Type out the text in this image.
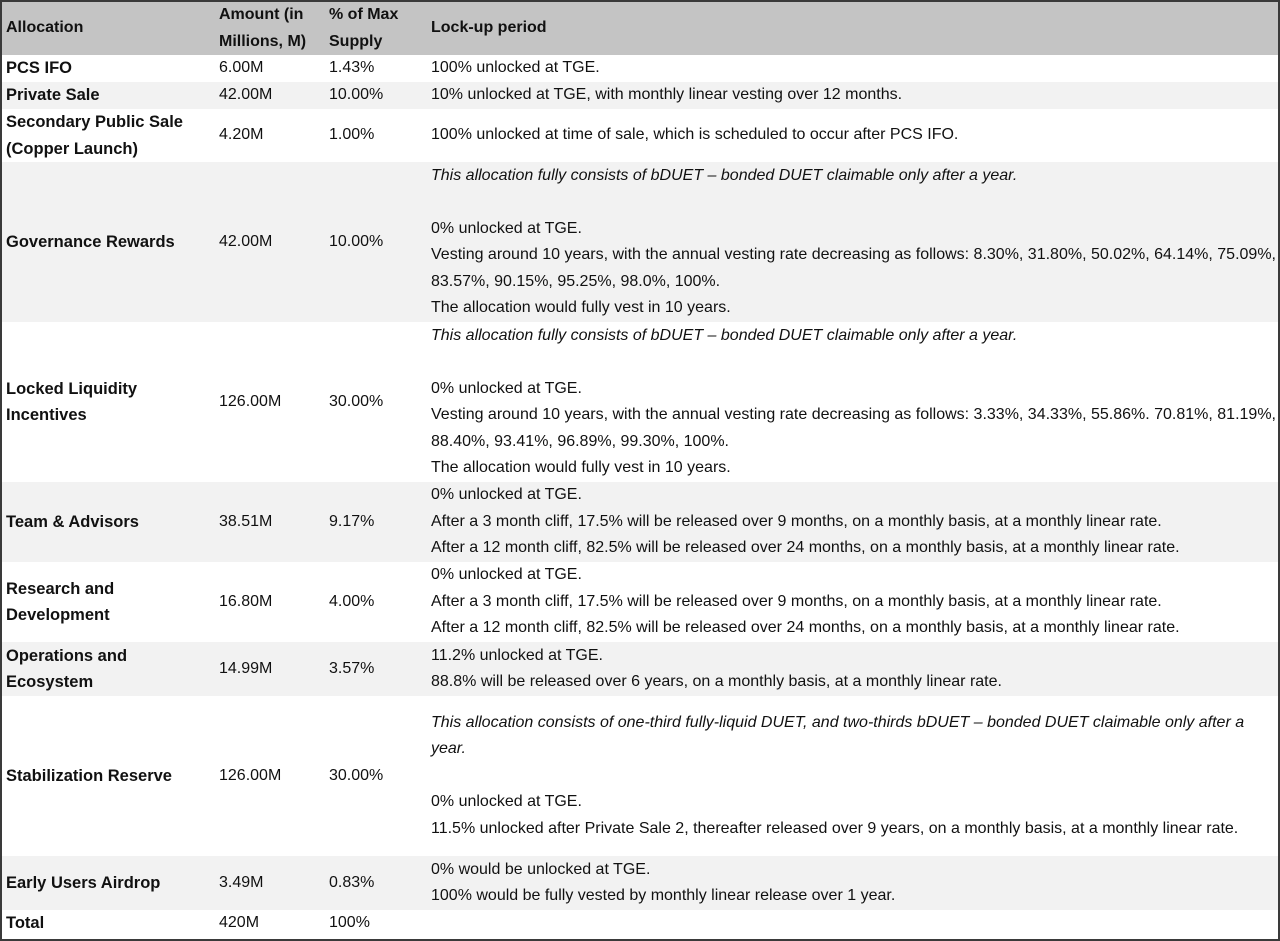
Allocation	Amount (in Millions, M)	% of Max Supply	Lock-up period
PCS IFO	6.00M	1.43%	100% unlocked at TGE.

Private Sale	42.00M	10.00%	10% unlocked at TGE, with monthly linear vesting over 12 months.

Secondary Public Sale (Copper Launch)	4.20M	1.00%	100% unlocked at time of sale, which is scheduled to occur after PCS IFO.

Governance Rewards	42.00M	10.00%	This allocation fully consists of bDUET – bonded DUET claimable only after a year.
0% unlocked at TGE.
Vesting around 10 years, with the annual vesting rate decreasing as follows: 8.30%, 31.80%, 50.02%, 64.14%, 75.09%, 83.57%, 90.15%, 95.25%, 98.0%, 100%.
The allocation would fully vest in 10 years.

Locked Liquidity Incentives	126.00M	30.00%	This allocation fully consists of bDUET – bonded DUET claimable only after a year.
0% unlocked at TGE.
Vesting around 10 years, with the annual vesting rate decreasing as follows: 3.33%, 34.33%, 55.86%. 70.81%, 81.19%, 88.40%, 93.41%, 96.89%, 99.30%, 100%.
The allocation would fully vest in 10 years.

Team & Advisors	38.51M	9.17%	0% unlocked at TGE.
After a 3 month cliff, 17.5% will be released over 9 months, on a monthly basis, at a monthly linear rate.
After a 12 month cliff, 82.5% will be released over 24 months, on a monthly basis, at a monthly linear rate.

Research and Development	16.80M	4.00%	0% unlocked at TGE.
After a 3 month cliff, 17.5% will be released over 9 months, on a monthly basis, at a monthly linear rate.
After a 12 month cliff, 82.5% will be released over 24 months, on a monthly basis, at a monthly linear rate.

Operations and Ecosystem	14.99M	3.57%	11.2% unlocked at TGE.
88.8% will be released over 6 years, on a monthly basis, at a monthly linear rate.

Stabilization Reserve	126.00M	30.00%	This allocation consists of one-third fully-liquid DUET, and two-thirds bDUET – bonded DUET claimable only after a year.
0% unlocked at TGE.
11.5% unlocked after Private Sale 2, thereafter released over 9 years, on a monthly basis, at a monthly linear rate.

Early Users Airdrop	3.49M	0.83%	0% would be unlocked at TGE.
100% would be fully vested by monthly linear release over 1 year.

Total	420M	100%	
